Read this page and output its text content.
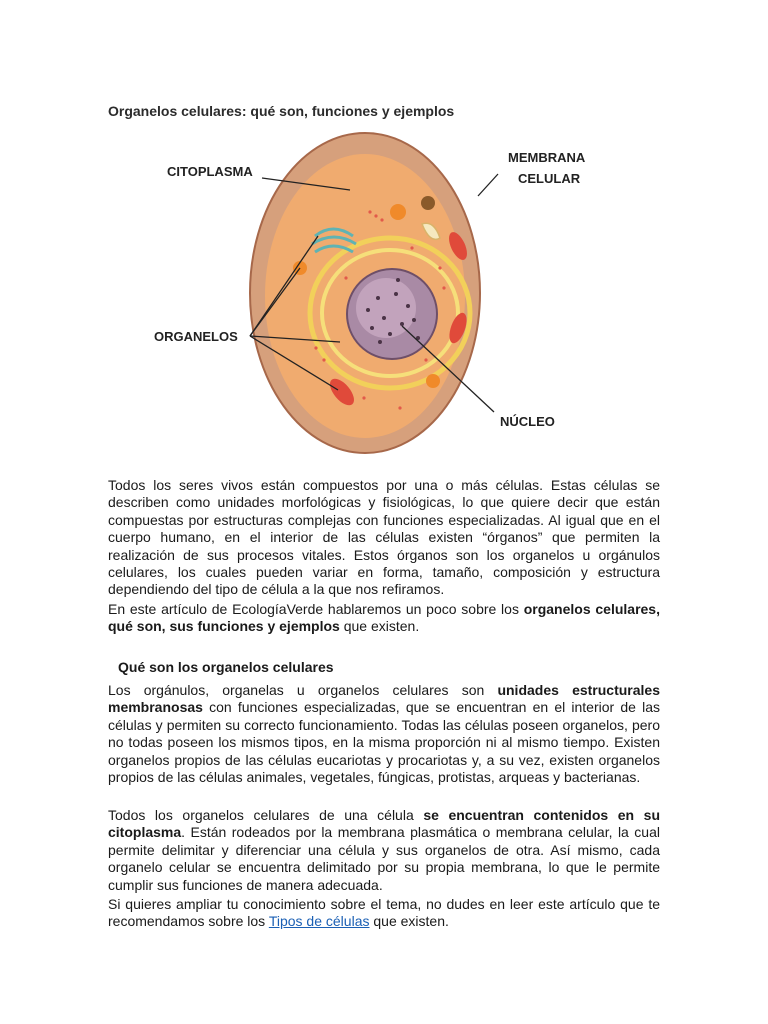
Organelos celulares: qué son, funciones y ejemplos
CITOPLASMA
MEMBRANA
CELULAR
ORGANELOS
NÚCLEO

Todos los seres vivos están compuestos por una o más células. Estas células se describen como unidades morfológicas y fisiológicas, lo que quiere decir que están compuestas por estructuras complejas con funciones especializadas. Al igual que en el cuerpo humano, en el interior de las células existen “órganos” que permiten la realización de sus procesos vitales. Estos órganos son los organelos u orgánulos celulares, los cuales pueden variar en forma, tamaño, composición y estructura dependiendo del tipo de célula a la que nos refiramos.

En este artículo de EcologíaVerde hablaremos un poco sobre los organelos celulares, qué son, sus funciones y ejemplos que existen.

Qué son los organelos celulares

Los orgánulos, organelas u organelos celulares son unidades estructurales membranosas con funciones especializadas, que se encuentran en el interior de las células y permiten su correcto funcionamiento. Todas las células poseen organelos, pero no todas poseen los mismos tipos, en la misma proporción ni al mismo tiempo. Existen organelos propios de las células eucariotas y procariotas y, a su vez, existen organelos propios de las células animales, vegetales, fúngicas, protistas, arqueas y bacterianas.

Todos los organelos celulares de una célula se encuentran contenidos en su citoplasma. Están rodeados por la membrana plasmática o membrana celular, la cual permite delimitar y diferenciar una célula y sus organelos de otra. Así mismo, cada organelo celular se encuentra delimitado por su propia membrana, lo que le permite cumplir sus funciones de manera adecuada.

Si quieres ampliar tu conocimiento sobre el tema, no dudes en leer este artículo que te recomendamos sobre los Tipos de células que existen.
